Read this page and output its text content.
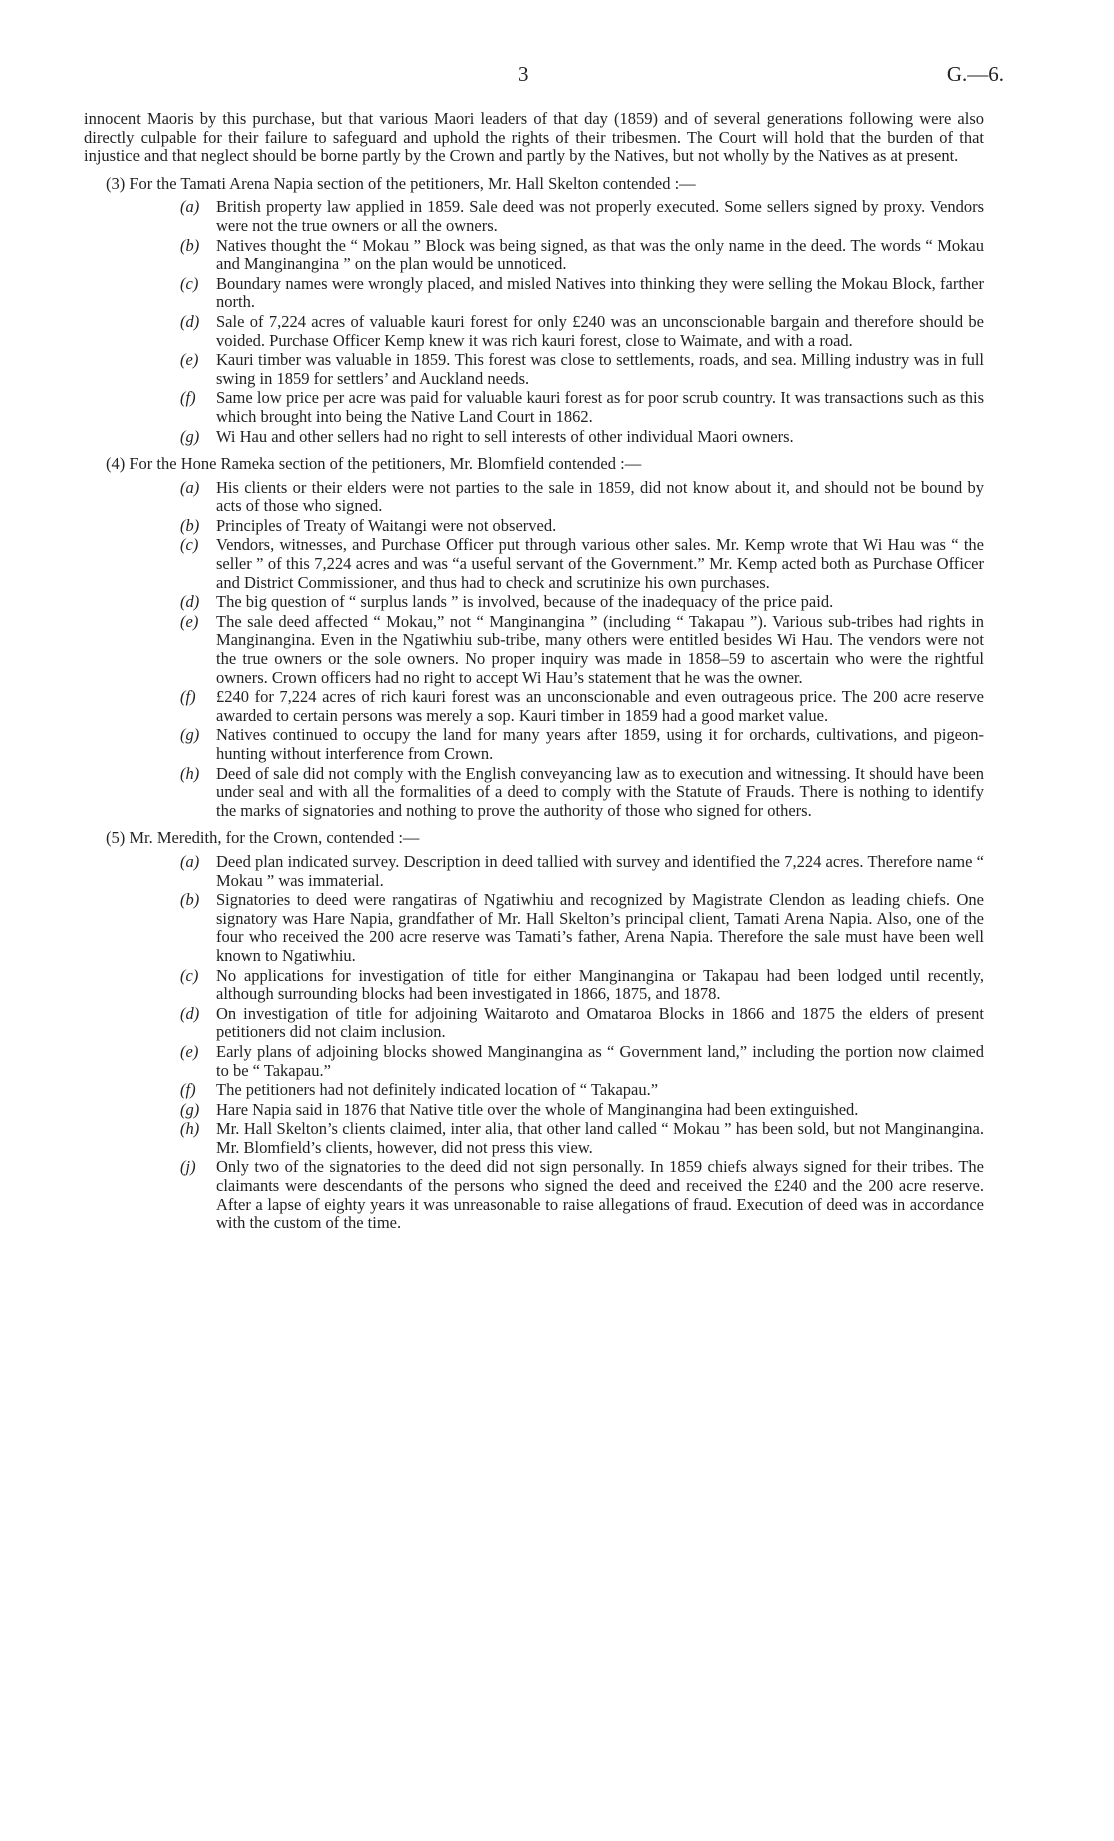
3	G.—6.

innocent Maoris by this purchase, but that various Maori leaders of that day (1859) and of several generations following were also directly culpable for their failure to safeguard and uphold the rights of their tribesmen. The Court will hold that the burden of that injustice and that neglect should be borne partly by the Crown and partly by the Natives, but not wholly by the Natives as at present.

(3) For the Tamati Arena Napia section of the petitioners, Mr. Hall Skelton contended :—

(a)	British property law applied in 1859. Sale deed was not properly executed. Some sellers signed by proxy. Vendors were not the true owners or all the owners.
(b)	Natives thought the “ Mokau ” Block was being signed, as that was the only name in the deed. The words “ Mokau and Manginangina ” on the plan would be unnoticed.
(c)	Boundary names were wrongly placed, and misled Natives into thinking they were selling the Mokau Block, farther north.
(d)	Sale of 7,224 acres of valuable kauri forest for only £240 was an unconscionable bargain and therefore should be voided. Purchase Officer Kemp knew it was rich kauri forest, close to Waimate, and with a road.
(e)	Kauri timber was valuable in 1859. This forest was close to settlements, roads, and sea. Milling industry was in full swing in 1859 for settlers’ and Auckland needs.
(f)	Same low price per acre was paid for valuable kauri forest as for poor scrub country. It was transactions such as this which brought into being the Native Land Court in 1862.
(g)	Wi Hau and other sellers had no right to sell interests of other individual Maori owners.

(4) For the Hone Rameka section of the petitioners, Mr. Blomfield contended :—

(a)	His clients or their elders were not parties to the sale in 1859, did not know about it, and should not be bound by acts of those who signed.
(b)	Principles of Treaty of Waitangi were not observed.
(c)	Vendors, witnesses, and Purchase Officer put through various other sales. Mr. Kemp wrote that Wi Hau was “ the seller ” of this 7,224 acres and was “a useful servant of the Government.” Mr. Kemp acted both as Purchase Officer and District Commissioner, and thus had to check and scrutinize his own purchases.
(d)	The big question of “ surplus lands ” is involved, because of the inadequacy of the price paid.
(e)	The sale deed affected “ Mokau,” not “ Manginangina ” (including “ Takapau ”). Various sub-tribes had rights in Manginangina. Even in the Ngatiwhiu sub-tribe, many others were entitled besides Wi Hau. The vendors were not the true owners or the sole owners. No proper inquiry was made in 1858–59 to ascertain who were the rightful owners. Crown officers had no right to accept Wi Hau’s statement that he was the owner.
(f)	£240 for 7,224 acres of rich kauri forest was an unconscionable and even outrageous price. The 200 acre reserve awarded to certain persons was merely a sop. Kauri timber in 1859 had a good market value.
(g)	Natives continued to occupy the land for many years after 1859, using it for orchards, cultivations, and pigeon-hunting without interference from Crown.
(h)	Deed of sale did not comply with the English conveyancing law as to execution and witnessing. It should have been under seal and with all the formalities of a deed to comply with the Statute of Frauds. There is nothing to identify the marks of signatories and nothing to prove the authority of those who signed for others.

(5) Mr. Meredith, for the Crown, contended :—

(a)	Deed plan indicated survey. Description in deed tallied with survey and identified the 7,224 acres. Therefore name “ Mokau ” was immaterial.
(b)	Signatories to deed were rangatiras of Ngatiwhiu and recognized by Magistrate Clendon as leading chiefs. One signatory was Hare Napia, grandfather of Mr. Hall Skelton’s principal client, Tamati Arena Napia. Also, one of the four who received the 200 acre reserve was Tamati’s father, Arena Napia. Therefore the sale must have been well known to Ngatiwhiu.
(c)	No applications for investigation of title for either Manginangina or Takapau had been lodged until recently, although surrounding blocks had been investigated in 1866, 1875, and 1878.
(d)	On investigation of title for adjoining Waitaroto and Omataroa Blocks in 1866 and 1875 the elders of present petitioners did not claim inclusion.
(e)	Early plans of adjoining blocks showed Manginangina as “ Government land,” including the portion now claimed to be “ Takapau.”
(f)	The petitioners had not definitely indicated location of “ Takapau.”
(g)	Hare Napia said in 1876 that Native title over the whole of Manginangina had been extinguished.
(h)	Mr. Hall Skelton’s clients claimed, inter alia, that other land called “ Mokau ” has been sold, but not Manginangina. Mr. Blomfield’s clients, however, did not press this view.
(j)	Only two of the signatories to the deed did not sign personally. In 1859 chiefs always signed for their tribes. The claimants were descendants of the persons who signed the deed and received the £240 and the 200 acre reserve. After a lapse of eighty years it was unreasonable to raise allegations of fraud. Execution of deed was in accordance with the custom of the time.
